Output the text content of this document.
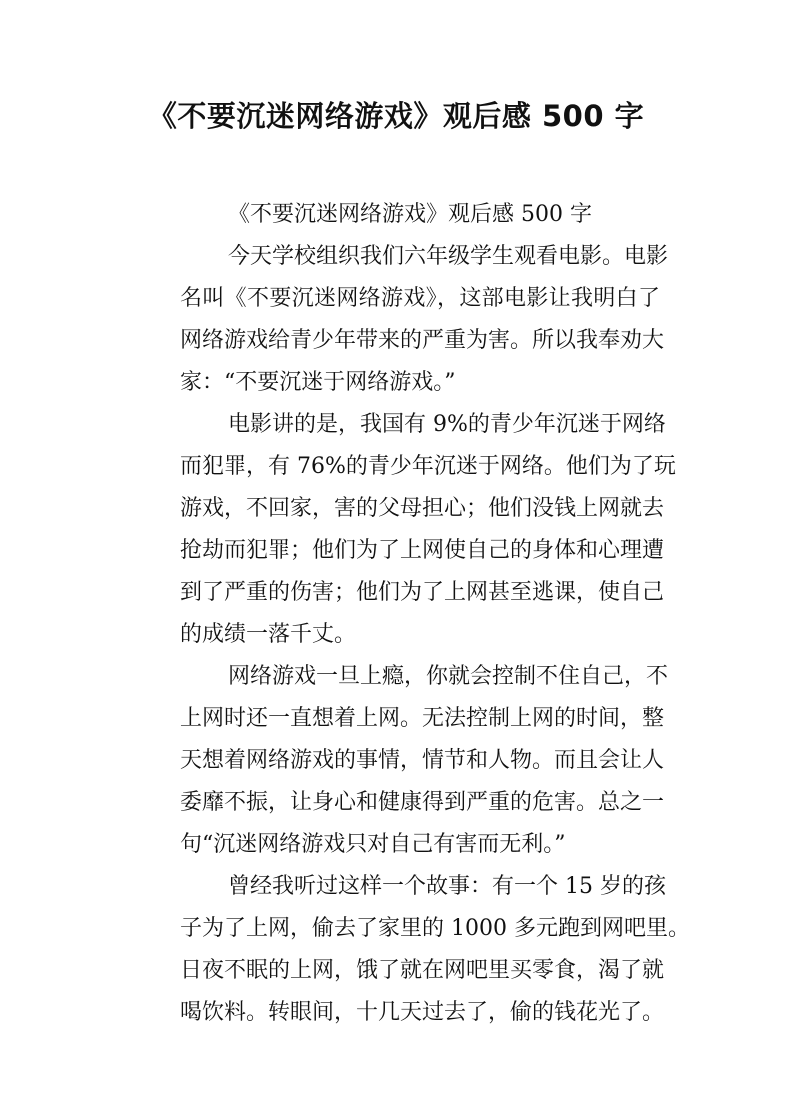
《不要沉迷网络游戏》观后感 500 字
《不要沉迷网络游戏》观后感 500 字
今天学校组织我们六年级学生观看电影。电影
名叫《不要沉迷网络游戏》，这部电影让我明白了
网络游戏给青少年带来的严重为害。所以我奉劝大
家：“不要沉迷于网络游戏。”
电影讲的是，我国有 9%的青少年沉迷于网络
而犯罪，有 76%的青少年沉迷于网络。他们为了玩
游戏，不回家，害的父母担心；他们没钱上网就去
抢劫而犯罪；他们为了上网使自己的身体和心理遭
到了严重的伤害；他们为了上网甚至逃课，使自己
的成绩一落千丈。
网络游戏一旦上瘾，你就会控制不住自己，不
上网时还一直想着上网。无法控制上网的时间，整
天想着网络游戏的事情，情节和人物。而且会让人
委靡不振，让身心和健康得到严重的危害。总之一
句“沉迷网络游戏只对自己有害而无利。”
曾经我听过这样一个故事：有一个 15 岁的孩
子为了上网，偷去了家里的 1000 多元跑到网吧里。
日夜不眠的上网，饿了就在网吧里买零食，渴了就
喝饮料。转眼间，十几天过去了，偷的钱花光了。
